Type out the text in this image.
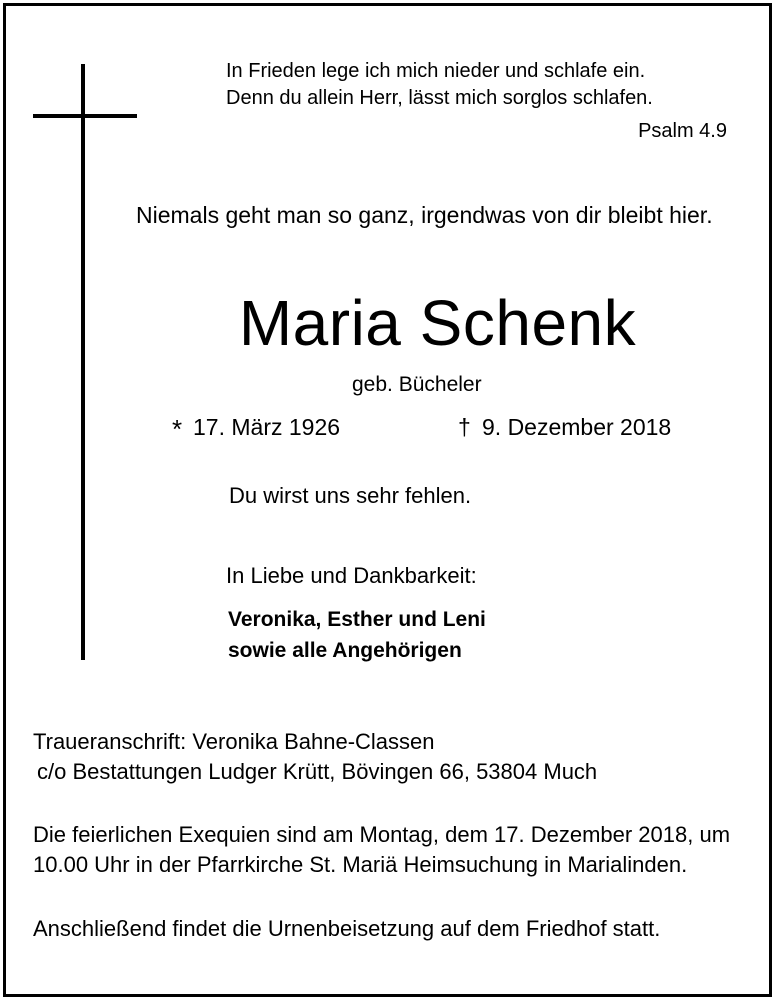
In Frieden lege ich mich nieder und schlafe ein.
Denn du allein Herr, lässt mich sorglos schlafen.
Psalm 4.9
Niemals geht man so ganz, irgendwas von dir bleibt hier.
Maria Schenk
geb. Bücheler
* 17. März 1926	† 9. Dezember 2018
Du wirst uns sehr fehlen.
In Liebe und Dankbarkeit:
Veronika, Esther und Leni
sowie alle Angehörigen
Traueranschrift: Veronika Bahne-Classen
c/o Bestattungen Ludger Krütt, Bövingen 66, 53804 Much
Die feierlichen Exequien sind am Montag, dem 17. Dezember 2018, um 10.00 Uhr in der Pfarrkirche St. Mariä Heimsuchung in Marialinden.
Anschließend findet die Urnenbeisetzung auf dem Friedhof statt.
